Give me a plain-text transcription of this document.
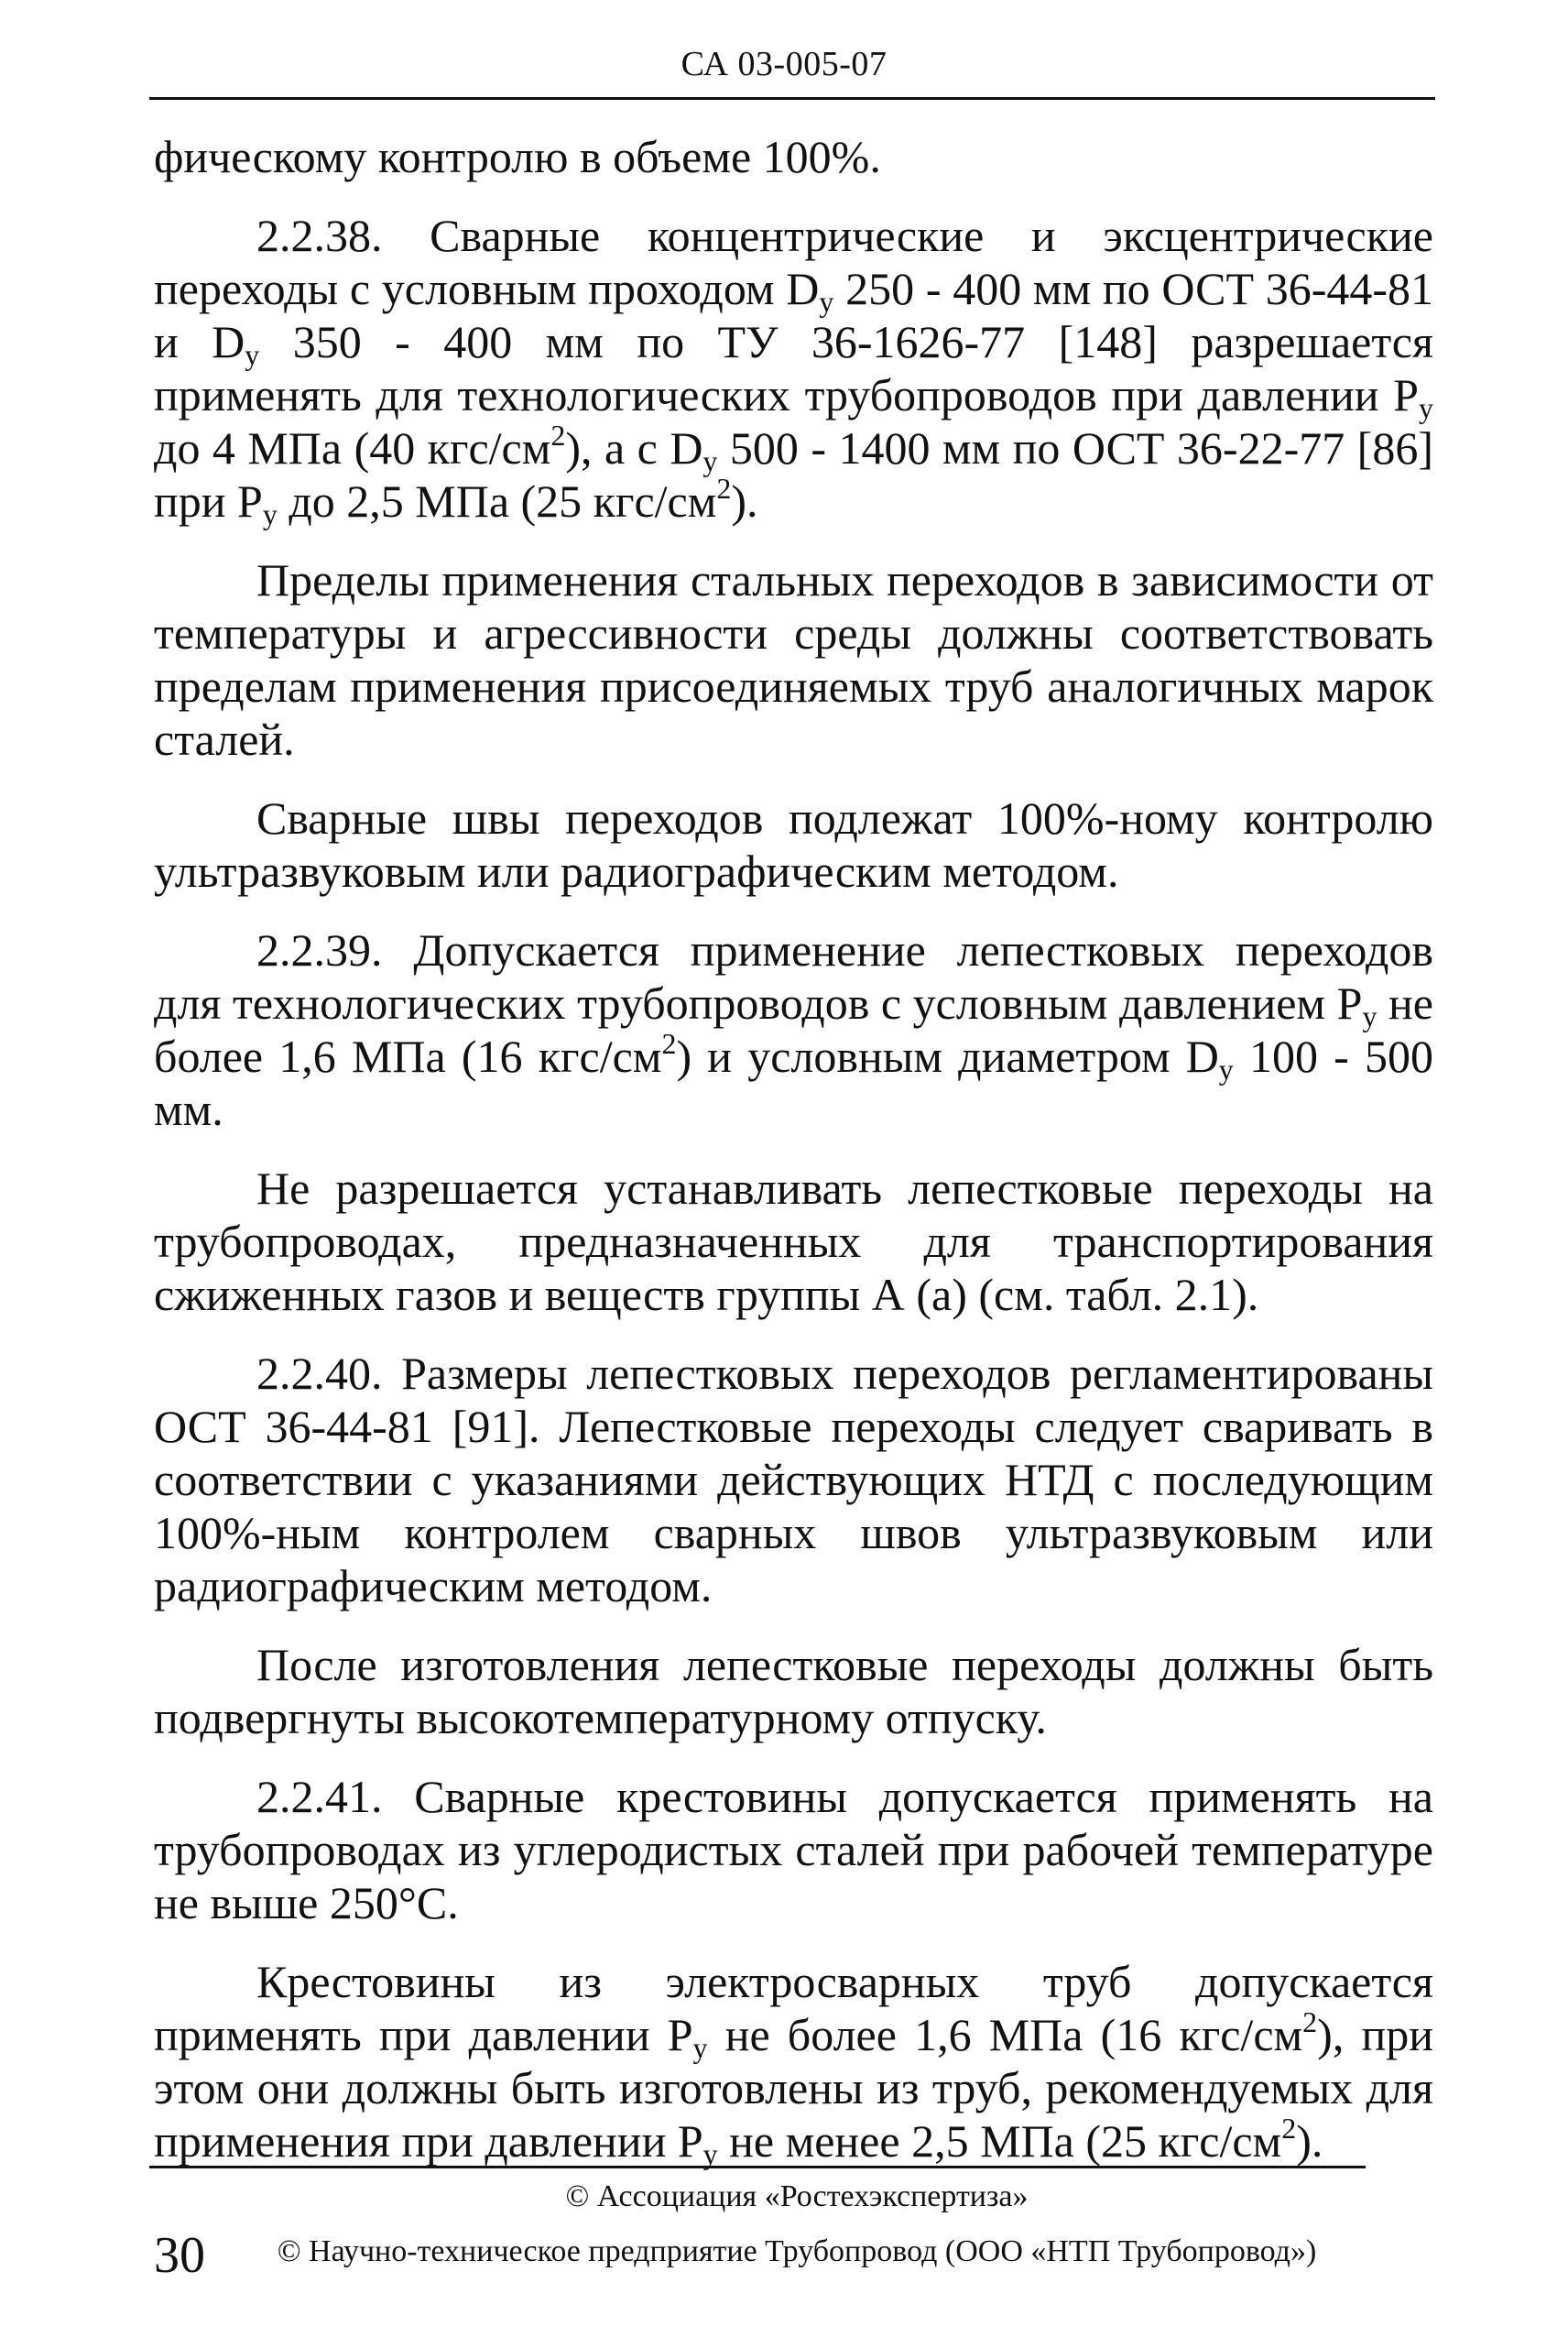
СА 03-005-07

фическому контролю в объеме 100%.

2.2.38. Сварные концентрические и эксцентрические переходы с условным проходом $D_у$ 250 - 400 мм по ОСТ 36-44-81 и $D_у$ 350 - 400 мм по ТУ 36-1626-77 [148] разрешается применять для технологических трубопроводов при давлении $Р_у$ до 4 МПа (40 кгс/$см^2$), а с $D_у$ 500 - 1400 мм по ОСТ 36-22-77 [86] при $Р_у$ до 2,5 МПа (25 кгс/$см^2$).

Пределы применения стальных переходов в зависимости от температуры и агрессивности среды должны соответствовать пределам применения присоединяемых труб аналогичных марок сталей.

Сварные швы переходов подлежат 100%-ному контролю ультразвуковым или радиографическим методом.

2.2.39. Допускается применение лепестковых переходов для технологических трубопроводов с условным давлением $Р_у$ не более 1,6 МПа (16 кгс/$см^2$) и условным диаметром $D_у$ 100 - 500 мм.

Не разрешается устанавливать лепестковые переходы на трубопроводах, предназначенных для транспортирования сжиженных газов и веществ группы А (а) (см. табл. 2.1).

2.2.40. Размеры лепестковых переходов регламентированы ОСТ 36-44-81 [91]. Лепестковые переходы следует сваривать в соответствии с указаниями действующих НТД с последующим 100%-ным контролем сварных швов ультразвуковым или радиографическим методом.

После изготовления лепестковые переходы должны быть подвергнуты высокотемпературному отпуску.

2.2.41. Сварные крестовины допускается применять на трубопроводах из углеродистых сталей при рабочей температуре не выше 250°С.

Крестовины из электросварных труб допускается применять при давлении $Р_у$ не более 1,6 МПа (16 кгс/$см^2$), при этом они должны быть изготовлены из труб, рекомендуемых для применения при давлении $Р_у$ не менее 2,5 МПа (25 кгс/$см^2$).

30
© Ассоциация «Ростехэкспертиза»
© Научно-техническое предприятие Трубопровод (ООО «НТП Трубопровод»)
